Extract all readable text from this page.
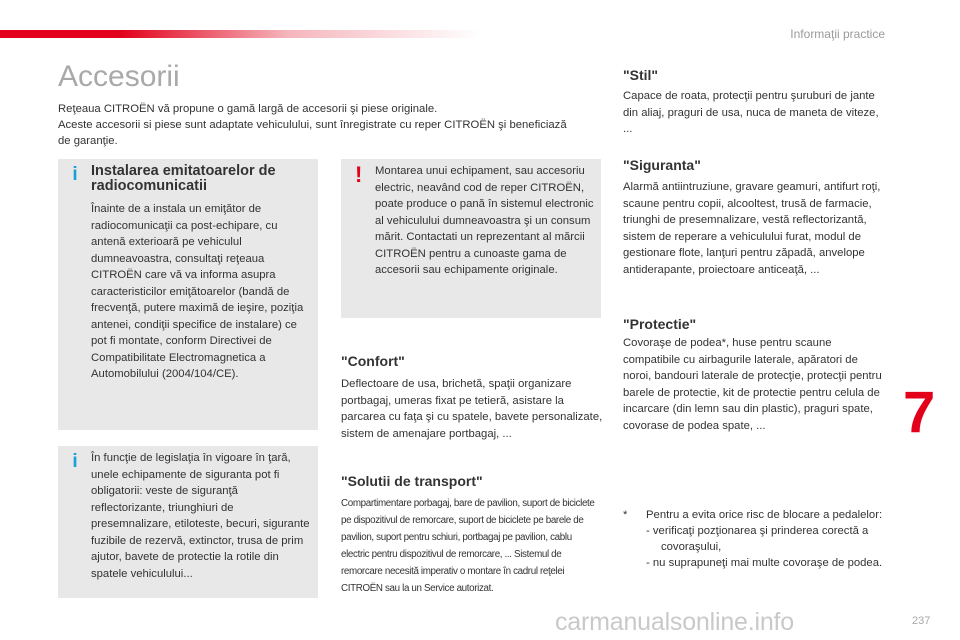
Informaţii practice
Accesorii
Reţeaua CITROËN vă propune o gamă largă de accesorii şi piese originale.
Aceste accesorii si piese sunt adaptate vehiculului, sunt înregistrate cu reper CITROËN şi beneficiază de garanţie.
i Instalarea emitatoarelor de radiocomunicatii

Înainte de a instala un emiţător de radiocomunicaţii ca post-echipare, cu antenă exterioară pe vehiculul dumneavoastra, consultaţi reţeaua CITROËN care vă va informa asupra caracteristicilor emiţătoarelor (bandă de frecvenţă, putere maximă de ieşire, poziţia antenei, condiţii specifice de instalare) ce pot fi montate, conform Directivei de Compatibilitate Electromagnetica a Automobilului (2004/104/CE).

i În funcţie de legislaţia în vigoare în ţară, unele echipamente de siguranta pot fi obligatorii: veste de siguranţă reflectorizante, triunghiuri de presemnalizare, etiloteste, becuri, sigurante fuzibile de rezervă, extinctor, trusa de prim ajutor, bavete de protectie la rotile din spatele vehiculului...

! Montarea unui echipament, sau accesoriu electric, neavând cod de reper CITROËN, poate produce o pană în sistemul electronic al vehiculului dumneavoastra şi un consum mărit. Contactati un reprezentant al mărcii CITROËN pentru a cunoaste gama de accesorii sau echipamente originale.

"Confort"

Deflectoare de usa, brichetă, spaţii organizare portbagaj, umeras fixat pe tetieră, asistare la parcarea cu faţa şi cu spatele, bavete personalizate, sistem de amenajare portbagaj, ...

"Solutii de transport"

Compartimentare porbagaj, bare de pavilion, suport de biciclete pe dispozitivul de remorcare, suport de biciclete pe barele de pavilion, suport pentru schiuri, portbagaj pe pavilion, cablu electric pentru dispozitivul de remorcare, ... Sistemul de remorcare necesită imperativ o montare în cadrul reţelei CITROËN sau la un Service autorizat.

"Stil"

Capace de roata, protecţii pentru şuruburi de jante din aliaj, praguri de usa, nuca de maneta de viteze, ...

"Siguranta"

Alarmă antiintruziune, gravare geamuri, antifurt roţi, scaune pentru copii, alcooltest, trusă de farmacie, triunghi de presemnalizare, vestă reflectorizantă, sistem de reperare a vehiculului furat, modul de gestionare flote, lanţuri pentru zăpadă, anvelope antiderapante, proiectoare anticeaţă, ...

"Protectie"

Covoraşe de podea*, huse pentru scaune compatibile cu airbagurile laterale, apăratori de noroi, bandouri laterale de protecţie, protecţii pentru barele de protectie, kit de protectie pentru celula de incarcare (din lemn sau din plastic), praguri spate, covorase de podea spate, ...

* Pentru a evita orice risc de blocare a pedalelor:

- verificaţi pozţionarea şi prinderea corectă a covoraşului,

- nu suprapuneţi mai multe covoraşe de podea.

7
carmanualsonline.info	237
